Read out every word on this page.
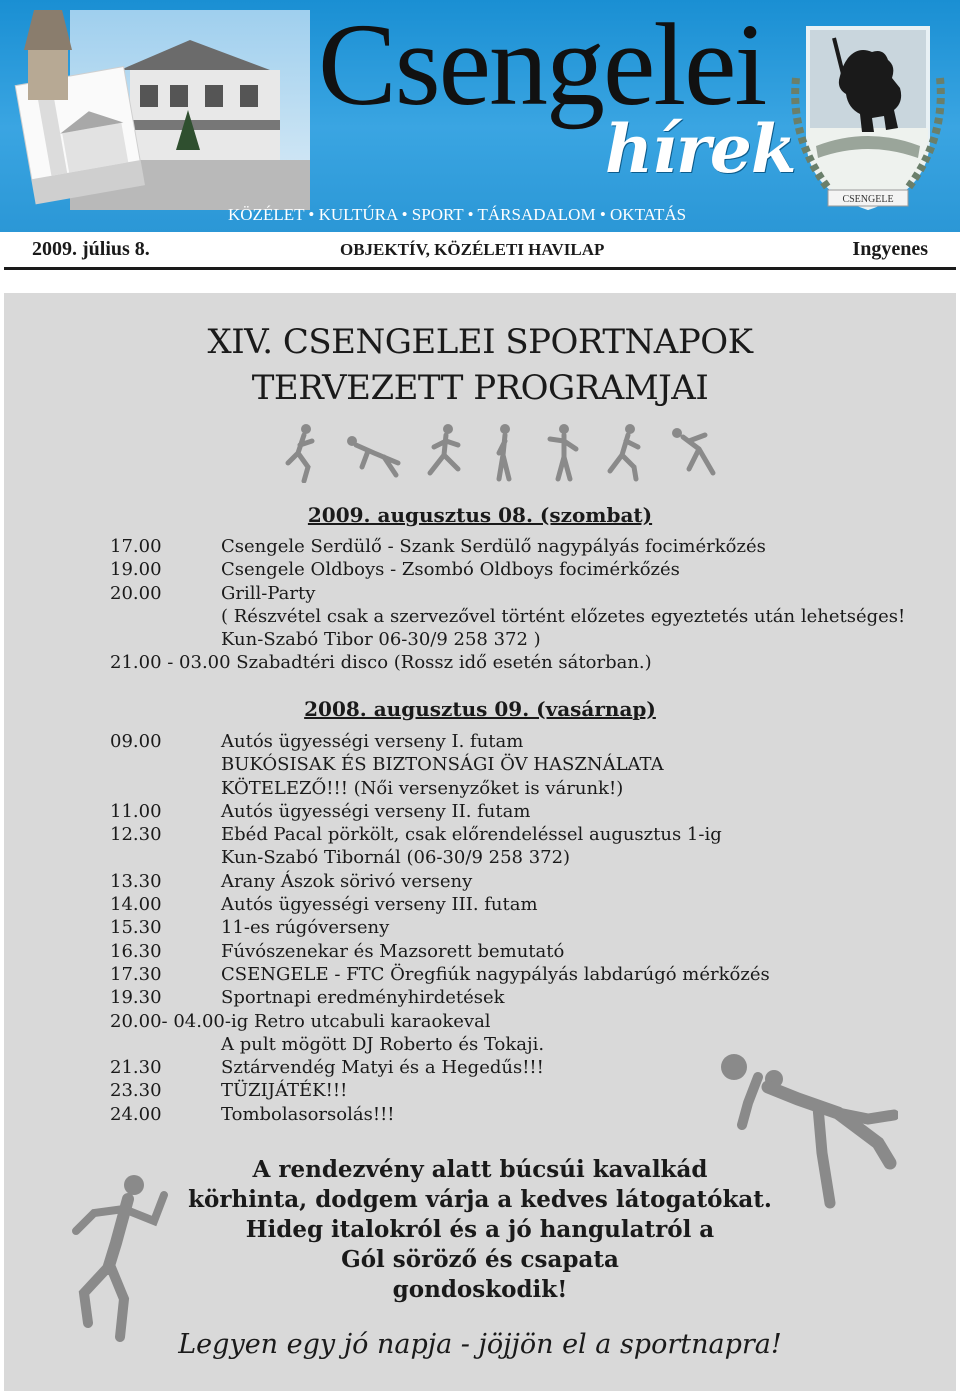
Csengelei
hírek
CSENGELE
KÖZÉLET • KULTÚRA • SPORT • TÁRSADALOM • OKTATÁS
2009. július 8.	OBJEKTÍV, KÖZÉLETI HAVILAP	Ingyenes
XIV. CSENGELEI SPORTNAPOK
TERVEZETT PROGRAMJAI
2009. augusztus 08. (szombat)
17.00	Csengele Serdülő - Szank Serdülő nagypályás focimérkőzés
19.00	Csengele Oldboys - Zsombó Oldboys focimérkőzés
20.00	Grill-Party
( Részvétel csak a szervezővel történt előzetes egyeztetés után lehetséges!
Kun-Szabó Tibor 06-30/9 258 372 )
21.00 - 03.00 Szabadtéri disco (Rossz idő esetén sátorban.)
2008. augusztus 09. (vasárnap)
09.00	Autós ügyességi verseny I. futam
BUKÓSISAK ÉS BIZTONSÁGI ÖV HASZNÁLATA
KÖTELEZŐ!!! (Női versenyzőket is várunk!)
11.00	Autós ügyességi verseny II. futam
12.30	Ebéd Pacal pörkölt, csak előrendeléssel augusztus 1-ig
Kun-Szabó Tibornál (06-30/9 258 372)
13.30	Arany Ászok sörivó verseny
14.00	Autós ügyességi verseny III. futam
15.30	11-es rúgóverseny
16.30	Fúvószenekar és Mazsorett bemutató
17.30	CSENGELE - FTC Öregfiúk nagypályás labdarúgó mérkőzés
19.30	Sportnapi eredményhirdetések
20.00- 04.00-ig Retro utcabuli karaokeval
A pult mögött DJ Roberto és Tokaji.
21.30	Sztárvendég Matyi és a Hegedűs!!!
23.30	TÜZIJÁTÉK!!!
24.00	Tombolasorsolás!!!
A rendezvény alatt búcsúi kavalkád
körhinta, dodgem várja a kedves látogatókat.
Hideg italokról és a jó hangulatról a
Gól söröző és csapata
gondoskodik!
Legyen egy jó napja - jöjjön el a sportnapra!
